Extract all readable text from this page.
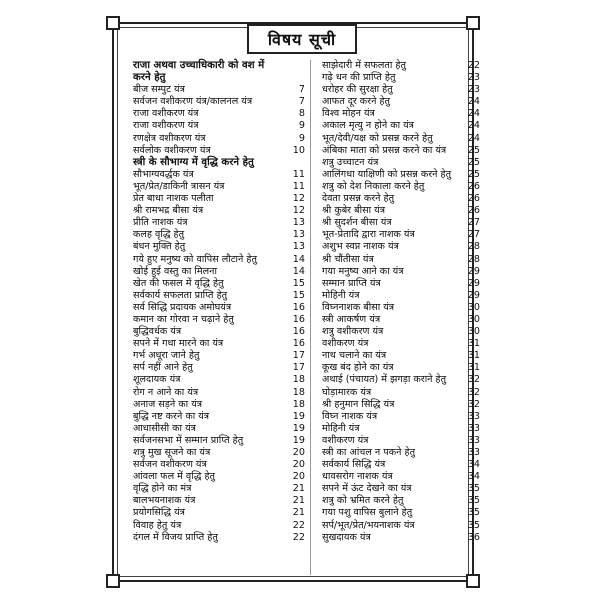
विषय सूची
राजा अथवा उच्चाधिकारी को वश में
करने हेतु
बीज सम्पुट यंत्र	7
सर्वजन वशीकरण यंत्र/कालनल यंत्र	7
राजा वशीकरण यंत्र	8
राजा वशीकरण यंत्र	9
रणक्षेत्र वशीकरण यंत्र	9
सर्वलोक वशीकरण यंत्र	10
स्त्री के सौभाग्य में वृद्धि करने हेतु
सौभाग्यवर्द्धक यंत्र	11
भूत/प्रेत/डाकिनी त्रासन यंत्र	11
प्रेत बाधा नाशक पलीता	12
श्री रामभद्र बीसा यंत्र	12
प्रीति नाशक यंत्र	13
कलह वृद्धि हेतु	13
बंधन मुक्ति हेतु	13
गये हुए मनुष्य को वापिस लौटाने हेतु	14
खोई हुई वस्तु का मिलना	14
खेत की फसल में वृद्धि हेतु	15
सर्वकार्य सफलता प्राप्ति हेतु	15
सर्व सिद्धि प्रदायक अमोघयंत्र	16
कमान का गोरवा न चढ़ाने हेतु	16
बुद्धिवर्धक यंत्र	16
सपने में गधा मारने का यंत्र	16
गर्भ अधूरा जाने हेतु	17
सर्प नहीं आने हेतु	17
शूलदायक यंत्र	18
रोग न आने का यंत्र	18
अनाज सड़ने का यंत्र	18
बुद्धि नष्ट करने का यंत्र	19
आधासीसी का यंत्र	19
सर्वजनसभा में सम्मान प्राप्ति हेतु	19
शत्रु मुख सूजने का यंत्र	20
सर्वजन वशीकरण यंत्र	20
आंवला फल में वृद्धि हेतु	20
वृद्धि होने का मंत्र	21
बालभयनाशक यंत्र	21
प्रयोगसिद्धि यंत्र	21
विवाह हेतु यंत्र	22
दंगल में विजय प्राप्ति हेतु	22
साझेदारी में सफलता हेतु	22
गढ़े धन की प्राप्ति हेतु	23
धरोहर की सुरक्षा हेतु	23
आफत दूर करने हेतु	24
विश्व मोहन यंत्र	24
अकाल मृत्यु न होने का यंत्र	24
भूत/देवी/यक्ष को प्रसन्न करने हेतु	24
अंबिका माता को प्रसन्न करने का यंत्र 25
शत्रु उच्चाटन यंत्र	25
आलिंगधा याक्षिणी को प्रसन्न करने हेतु 25
शत्रु को देश निकाला करने हेतु	26
देवता प्रसन्न करने हेतु	26
श्री कुबेर बीसा यंत्र	26
श्री सुदर्शन बीसा यंत्र	27
भूत-प्रेतादि द्वारा नाशक यंत्र	27
अशुभ स्वप्न नाशक यंत्र	28
श्री चौंतीसा यंत्र	28
गया मनुष्य आने का यंत्र	29
सम्मान प्राप्ति यंत्र	29
मोहिनी यंत्र	29
विघ्ननाशक बीसा यंत्र	30
स्त्री आकर्षण यंत्र	30
शत्रु वशीकरण यंत्र	30
वशीकरण यंत्र	31
नाथ चलाने का यंत्र	31
कूख बंद होने का यंत्र	31
अथाई (पंचायत) में झगड़ा कराने हेतु 32
घोड़ामारक यंत्र	32
श्री हनुमान सिद्धि यंत्र	32
विघ्न नाशक यंत्र	33
मोहिनी यंत्र	33
वशीकरण यंत्र	33
स्त्री का आंचल न पकने हेतु	33
सर्वकार्य सिद्धि यंत्र	34
धावसरोग नाशक यंत्र	34
सपने में ऊंट देखने का यंत्र	35
शत्रु को भ्रमित करने हेतु	35
गया पशु वापिस बुलाने हेतु	35
सर्प/भूत/प्रेत/भयनाशक यंत्र	35
सुखदायक यंत्र	36
